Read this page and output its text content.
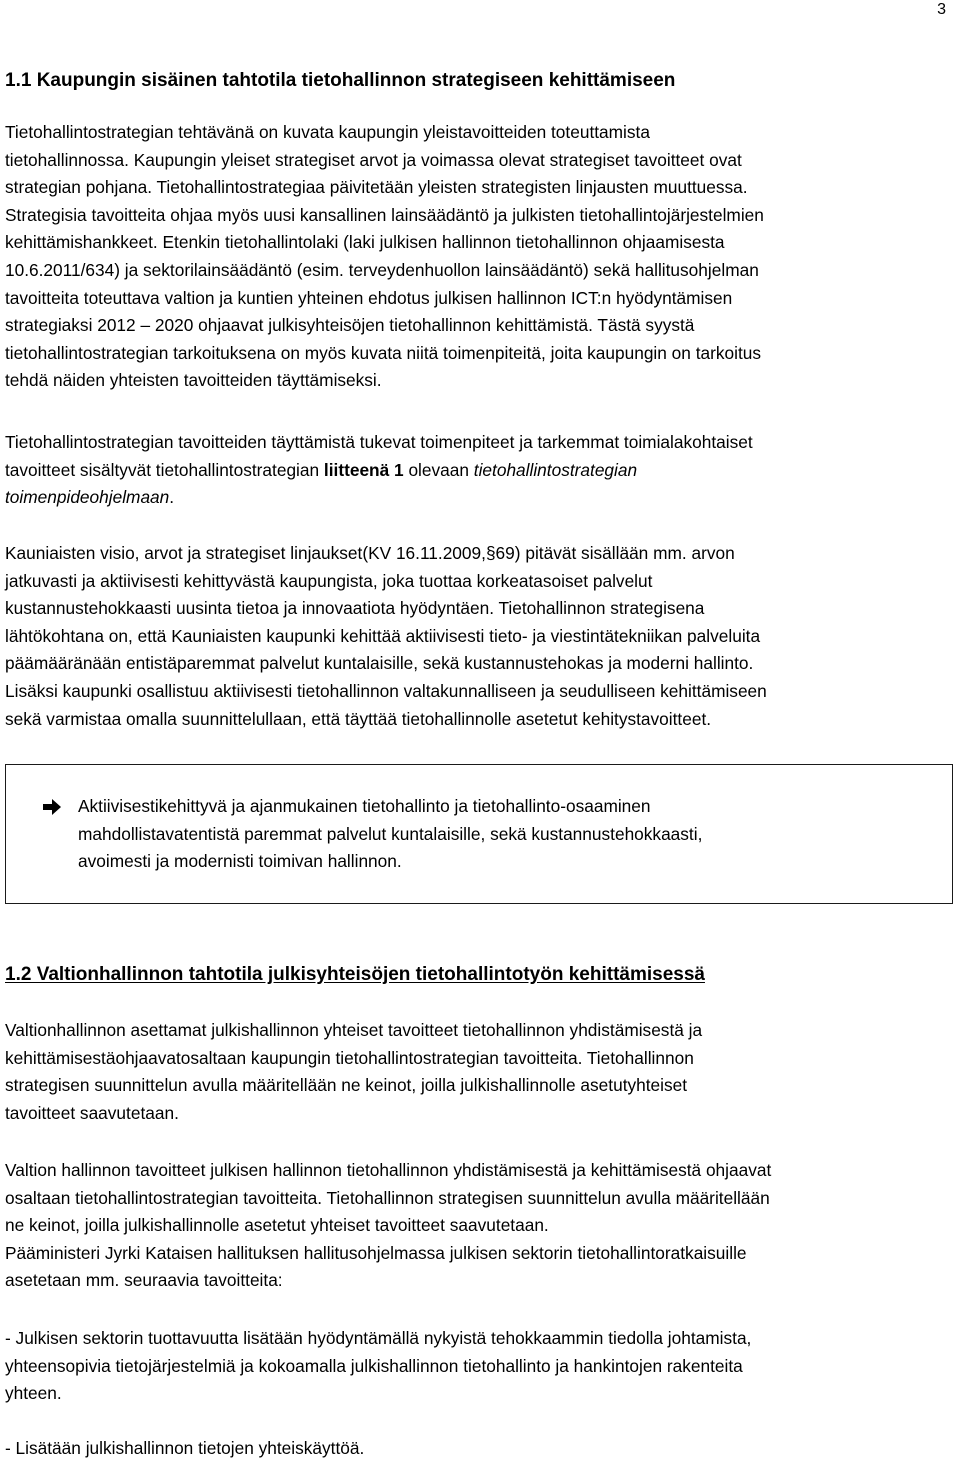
3
1.1 Kaupungin sisäinen tahtotila tietohallinnon strategiseen kehittämiseen
Tietohallintostrategian tehtävänä on kuvata kaupungin yleistavoitteiden toteuttamista
tietohallinnossa. Kaupungin yleiset strategiset arvot ja voimassa olevat strategiset tavoitteet ovat
strategian pohjana. Tietohallintostrategiaa päivitetään yleisten strategisten linjausten muuttuessa.
Strategisia tavoitteita ohjaa myös uusi kansallinen lainsäädäntö ja julkisten tietohallintojärjestelmien
kehittämishankkeet. Etenkin tietohallintolaki (laki julkisen hallinnon tietohallinnon ohjaamisesta
10.6.2011/634) ja sektorilainsäädäntö (esim. terveydenhuollon lainsäädäntö) sekä hallitusohjelman
tavoitteita toteuttava valtion ja kuntien yhteinen ehdotus julkisen hallinnon ICT:n hyödyntämisen
strategiaksi 2012 – 2020 ohjaavat julkisyhteisöjen tietohallinnon kehittämistä. Tästä syystä
tietohallintostrategian tarkoituksena on myös kuvata niitä toimenpiteitä, joita kaupungin on tarkoitus
tehdä näiden yhteisten tavoitteiden täyttämiseksi.
Tietohallintostrategian tavoitteiden täyttämistä tukevat toimenpiteet ja tarkemmat toimialakohtaiset
tavoitteet sisältyvät tietohallintostrategian liitteenä 1 olevaan tietohallintostrategian
toimenpideohjelmaan.
Kauniaisten visio, arvot ja strategiset linjaukset(KV 16.11.2009,§69) pitävät sisällään mm. arvon
jatkuvasti ja aktiivisesti kehittyvästä kaupungista, joka tuottaa korkeatasoiset palvelut
kustannustehokkaasti uusinta tietoa ja innovaatiota hyödyntäen. Tietohallinnon strategisena
lähtökohtana on, että Kauniaisten kaupunki kehittää aktiivisesti tieto- ja viestintätekniikan palveluita
päämääränään entistäparemmat palvelut kuntalaisille, sekä kustannustehokas ja moderni hallinto.
Lisäksi kaupunki osallistuu aktiivisesti tietohallinnon valtakunnalliseen ja seudulliseen kehittämiseen
sekä varmistaa omalla suunnittelullaan, että täyttää tietohallinnolle asetetut kehitystavoitteet.
Aktiivisestikehittyvä ja ajanmukainen tietohallinto ja tietohallinto-osaaminen
mahdollistavatentistä paremmat palvelut kuntalaisille, sekä kustannustehokkaasti,
avoimesti ja modernisti toimivan hallinnon.
1.2 Valtionhallinnon tahtotila julkisyhteisöjen tietohallintotyön kehittämisessä
Valtionhallinnon asettamat julkishallinnon yhteiset tavoitteet tietohallinnon yhdistämisestä ja
kehittämisestäohjaavatosaltaan kaupungin tietohallintostrategian tavoitteita. Tietohallinnon
strategisen suunnittelun avulla määritellään ne keinot, joilla julkishallinnolle asetutyhteiset
tavoitteet saavutetaan.
Valtion hallinnon tavoitteet julkisen hallinnon tietohallinnon yhdistämisestä ja kehittämisestä ohjaavat
osaltaan tietohallintostrategian tavoitteita. Tietohallinnon strategisen suunnittelun avulla määritellään
ne keinot, joilla julkishallinnolle asetetut yhteiset tavoitteet saavutetaan.
Pääministeri Jyrki Kataisen hallituksen hallitusohjelmassa julkisen sektorin tietohallintoratkaisuille
asetetaan mm. seuraavia tavoitteita:
- Julkisen sektorin tuottavuutta lisätään hyödyntämällä nykyistä tehokkaammin tiedolla johtamista,
yhteensopivia tietojärjestelmiä ja kokoamalla julkishallinnon tietohallinto ja hankintojen rakenteita
yhteen.
- Lisätään julkishallinnon tietojen yhteiskäyttöä.
